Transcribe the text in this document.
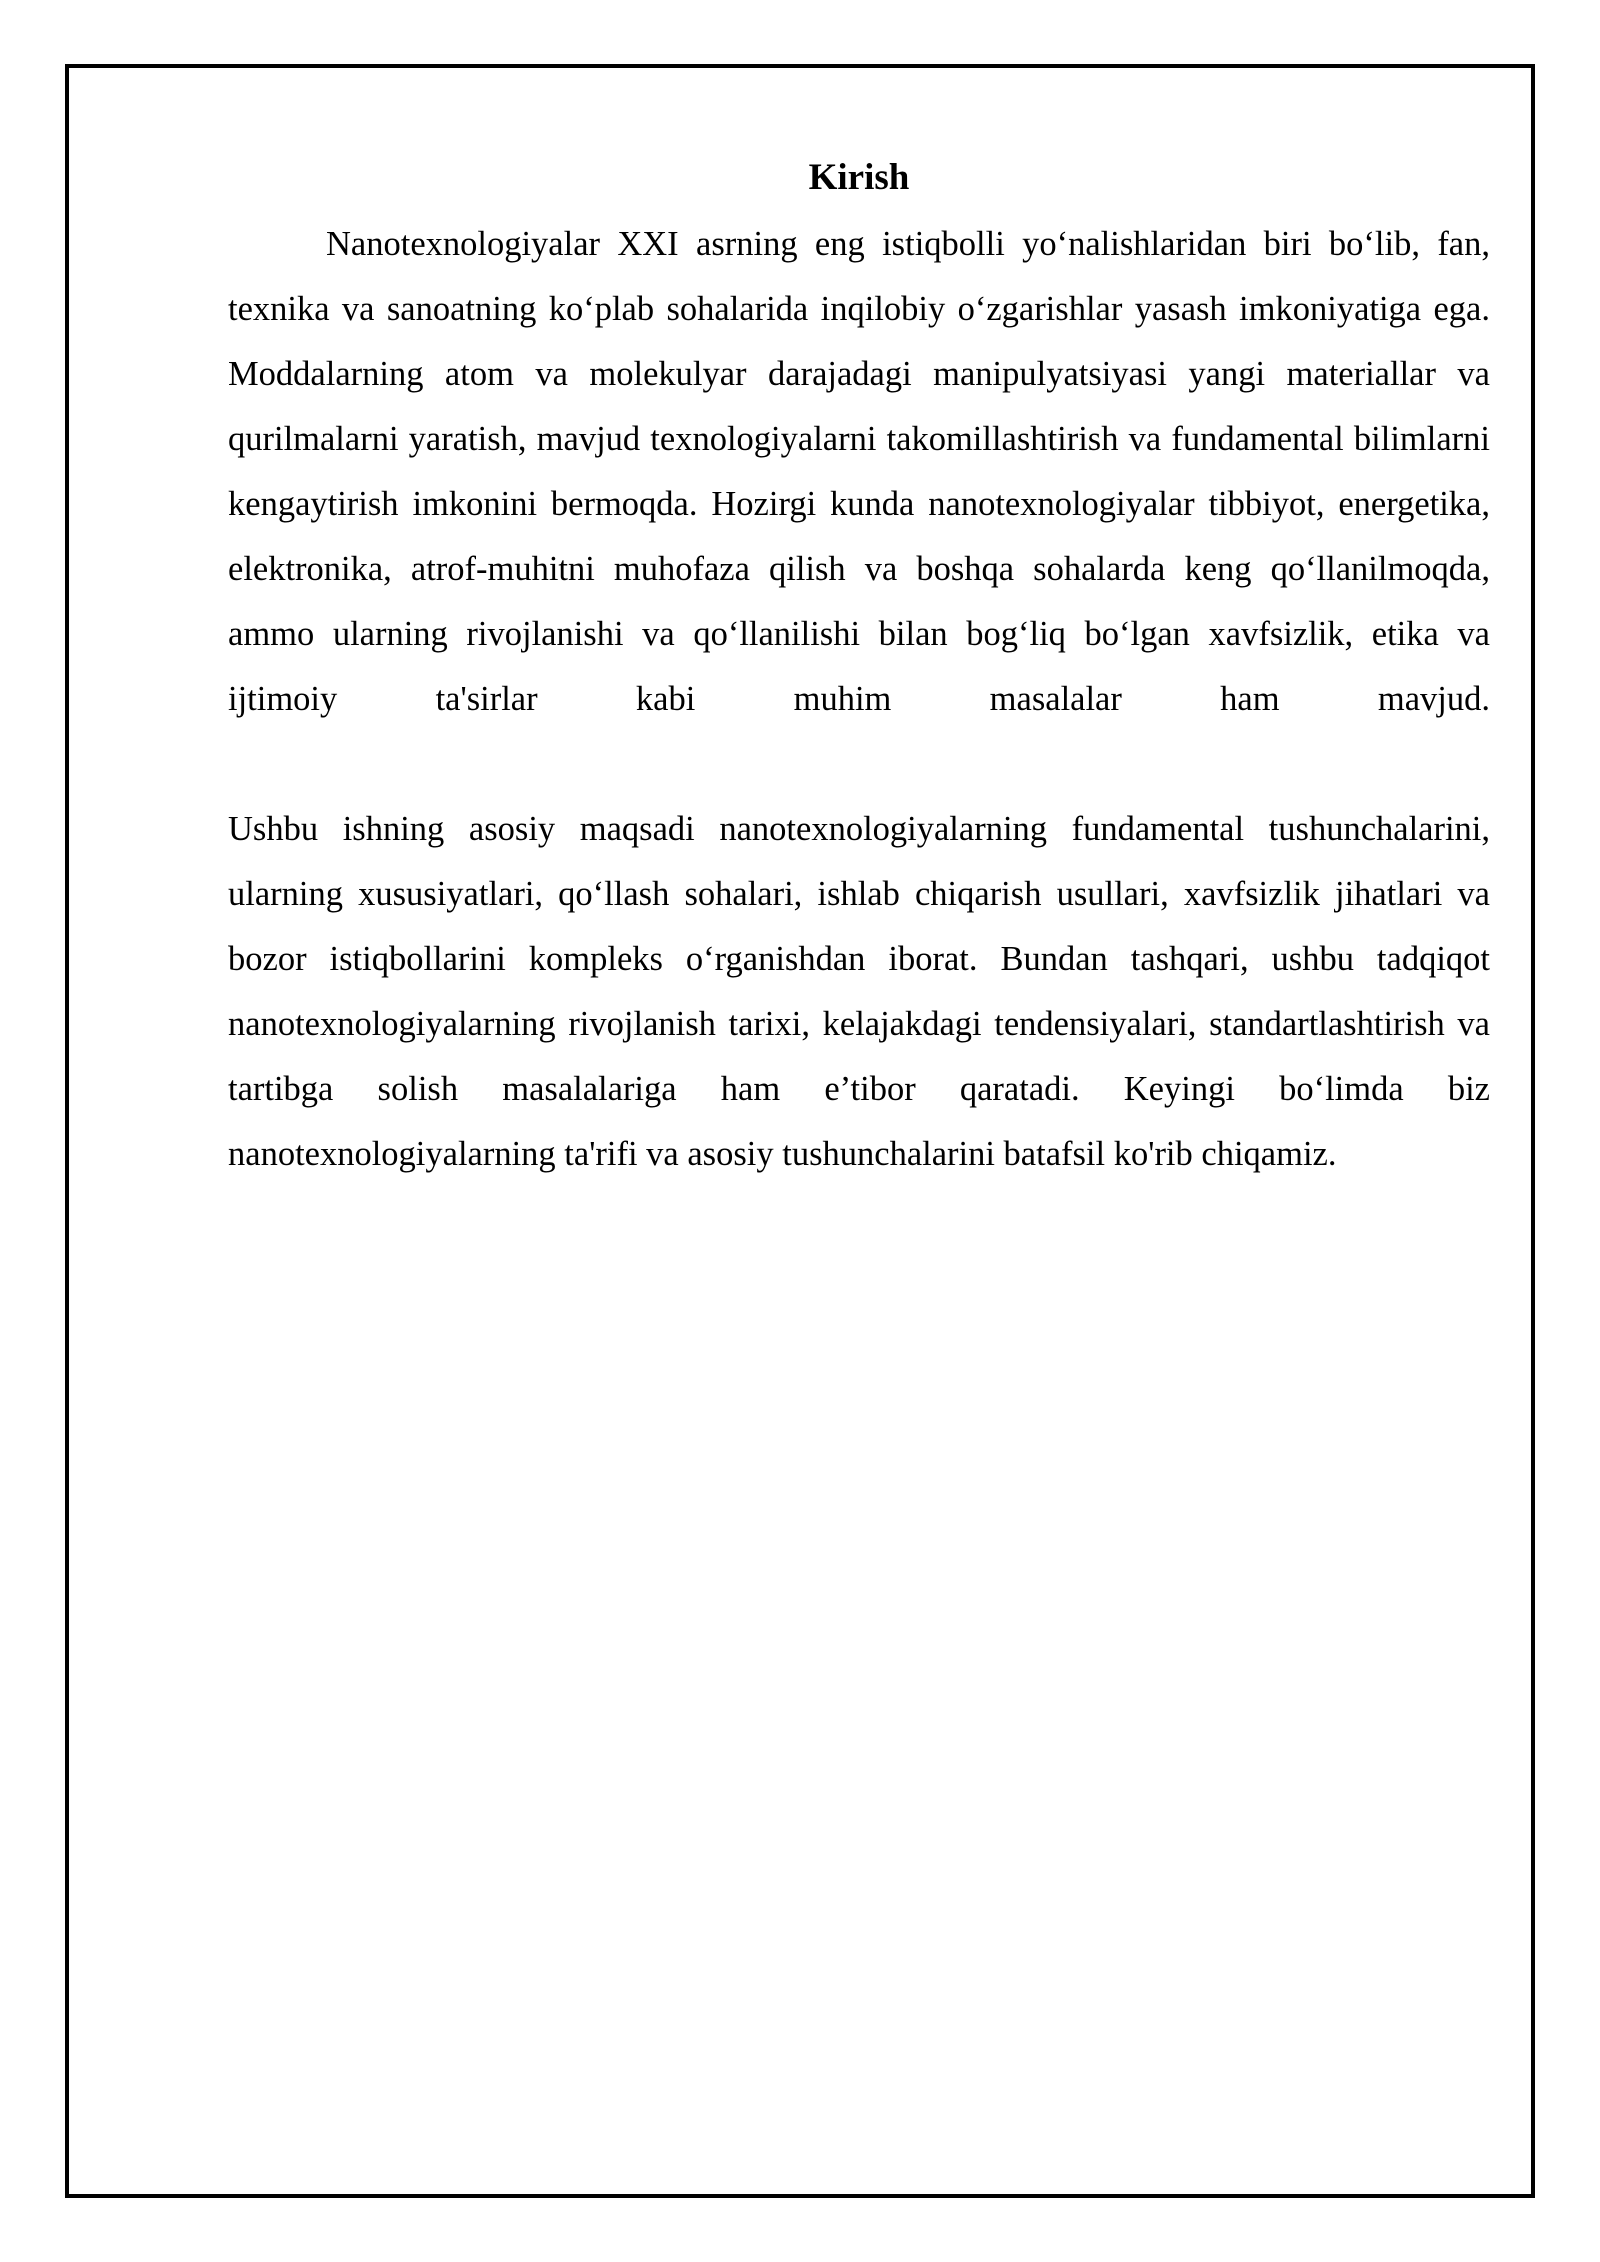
Kirish

Nanotexnologiyalar XXI asrning eng istiqbolli yo‘nalishlaridan biri bo‘lib, fan, texnika va sanoatning ko‘plab sohalarida inqilobiy o‘zgarishlar yasash imkoniyatiga ega. Moddalarning atom va molekulyar darajadagi manipulyatsiyasi yangi materiallar va qurilmalarni yaratish, mavjud texnologiyalarni takomillashtirish va fundamental bilimlarni kengaytirish imkonini bermoqda. Hozirgi kunda nanotexnologiyalar tibbiyot, energetika, elektronika, atrof-muhitni muhofaza qilish va boshqa sohalarda keng qo‘llanilmoqda, ammo ularning rivojlanishi va qo‘llanilishi bilan bog‘liq bo‘lgan xavfsizlik, etika va ijtimoiy ta'sirlar kabi muhim masalalar ham mavjud.

Ushbu ishning asosiy maqsadi nanotexnologiyalarning fundamental tushunchalarini, ularning xususiyatlari, qo‘llash sohalari, ishlab chiqarish usullari, xavfsizlik jihatlari va bozor istiqbollarini kompleks o‘rganishdan iborat. Bundan tashqari, ushbu tadqiqot nanotexnologiyalarning rivojlanish tarixi, kelajakdagi tendensiyalari, standartlashtirish va tartibga solish masalalariga ham e’tibor qaratadi. Keyingi bo‘limda biz nanotexnologiyalarning ta'rifi va asosiy tushunchalarini batafsil ko'rib chiqamiz.
